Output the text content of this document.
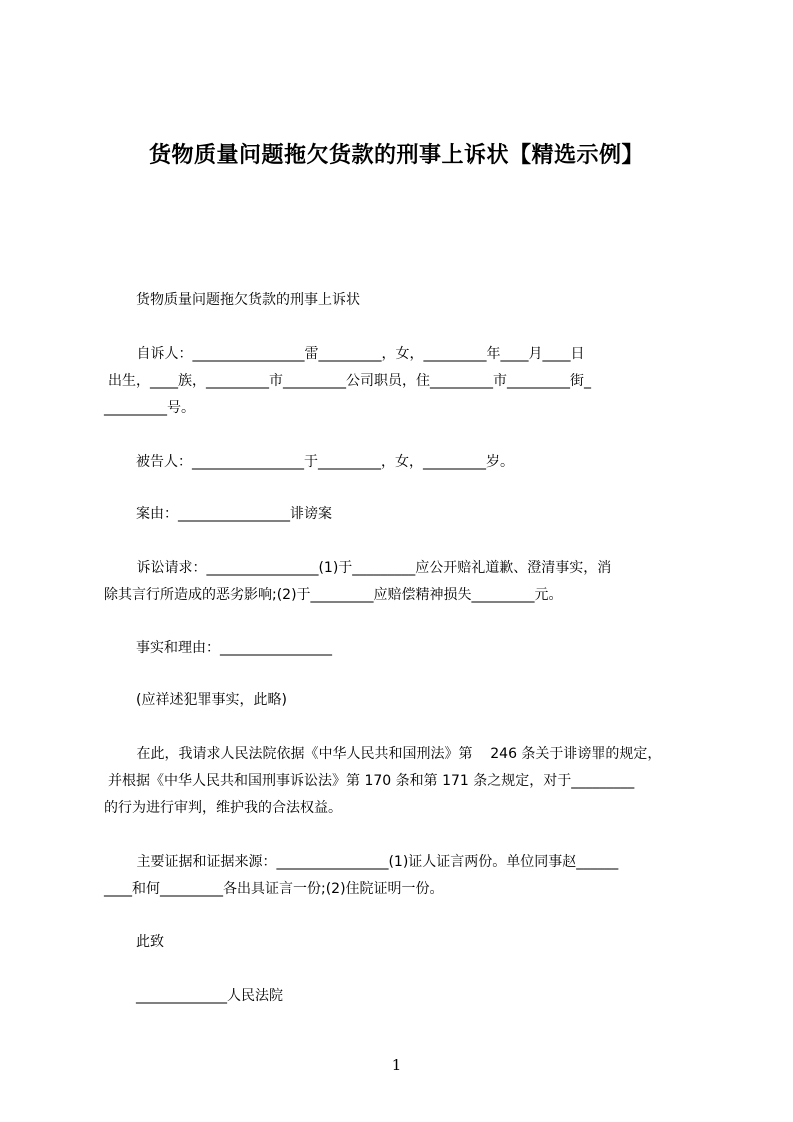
货物质量问题拖欠货款的刑事上诉状【精选示例】
货物质量问题拖欠货款的刑事上诉状
自诉人：________________雷_________，女，_________年____月____日
出生，____族，_________市_________公司职员，住_________市_________街_
_________号。
被告人：________________于_________，女，_________岁。
案由：________________诽谤案
诉讼请求：________________(1)于_________应公开赔礼道歉、澄清事实，消
除其言行所造成的恶劣影响;(2)于_________应赔偿精神损失_________元。
事实和理由：________________
(应祥述犯罪事实，此略)
在此，我请求人民法院依据《中华人民共和国刑法》第    246 条关于诽谤罪的规定，
并根据《中华人民共和国刑事诉讼法》第 170 条和第 171 条之规定，对于_________
的行为进行审判，维护我的合法权益。
主要证据和证据来源：________________(1)证人证言两份。单位同事赵______
____和何_________各出具证言一份;(2)住院证明一份。
此致
_____________人民法院
1
